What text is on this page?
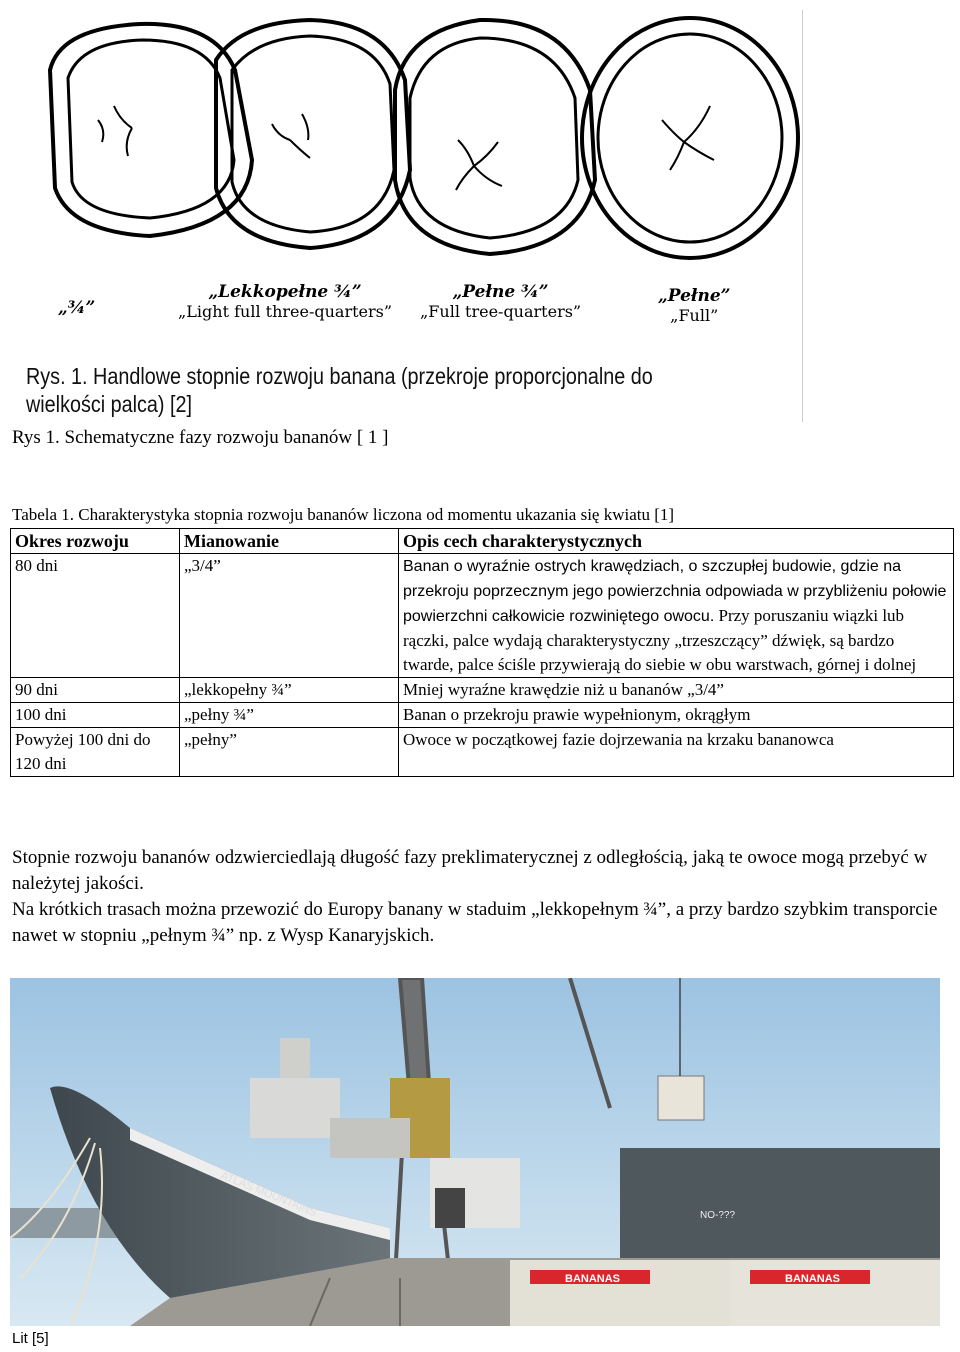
„¾”
„Lekkopełne ¾”
„Light full three-quarters”
„Pełne ¾”
„Full tree-quarters”
„Pełne”
„Full”
Rys. 1. Handlowe stopnie rozwoju banana (przekroje proporcjonalne do wielkości palca) [2]
Rys 1. Schematyczne fazy rozwoju bananów [ 1 ]
Tabela 1. Charakterystyka stopnia rozwoju bananów liczona od momentu ukazania się kwiatu [1]
Okres rozwoju	Mianowanie	Opis cech charakterystycznych
80 dni	„3/4”	Banan o wyraźnie ostrych krawędziach, o szczupłej budowie, gdzie na przekroju poprzecznym jego powierzchnia odpowiada w przybliżeniu połowie powierzchni całkowicie rozwiniętego owocu. Przy poruszaniu wiązki lub rączki, palce wydają charakterystyczny „trzeszczący” dźwięk, są bardzo twarde, palce ściśle przywierają do siebie w obu warstwach, górnej i dolnej
90 dni	„lekkopełny ¾”	Mniej wyraźne krawędzie niż u bananów „3/4”
100 dni	„pełny ¾”	Banan o przekroju prawie wypełnionym, okrągłym
Powyżej 100 dni do 120 dni	„pełny”	Owoce w początkowej fazie dojrzewania na krzaku bananowca

Stopnie rozwoju bananów odzwierciedlają długość fazy preklimaterycznej z odległością, jaką te owoce mogą przebyć w należytej jakości.

Na krótkich trasach można przewozić do Europy banany w staduim „lekkopełnym ¾”, a przy bardzo szybkim transporcie nawet w stopniu „pełnym ¾” np. z Wysp Kanaryjskich.

ATLAS MOUNTAINS	NO-???
BANANAS	BANANAS
Lit [5]
